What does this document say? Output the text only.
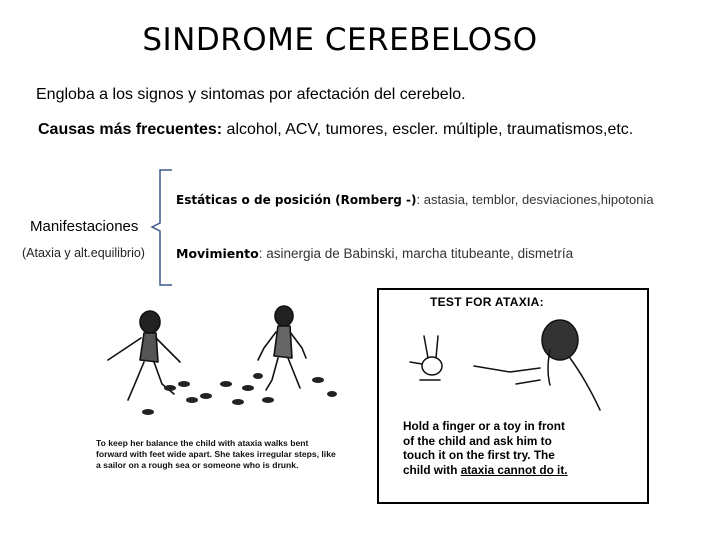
SINDROME CEREBELOSO
Engloba a los signos y sintomas por afectación del cerebelo.
Causas más frecuentes: alcohol, ACV, tumores, escler. múltiple, traumatismos,etc.
Estáticas o de posición (Romberg -): astasia, temblor, desviaciones,hipotonia
Manifestaciones
(Ataxia y alt.equilibrio) Movimiento: asinergia de Babinski, marcha titubeante, dismetría
To keep her balance the child with ataxia walks bent forward with feet wide apart. She takes irregular steps, like a sailor on a rough sea or someone who is drunk.
TEST FOR ATAXIA:
Hold a finger or a toy in front of the child and ask him to touch it on the first try. The child with ataxia cannot do it.
